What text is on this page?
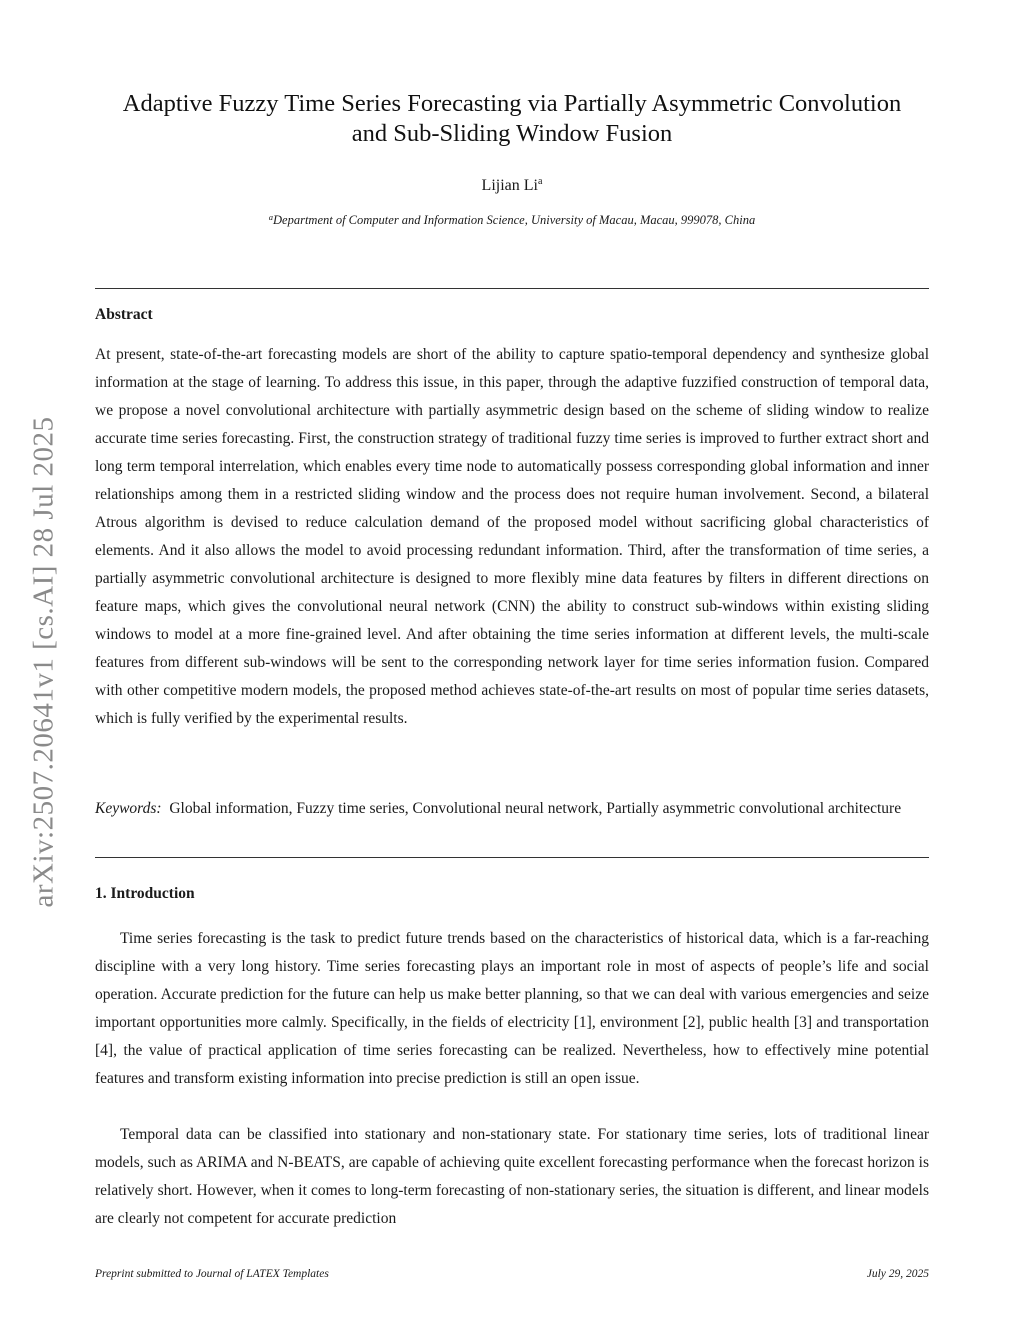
arXiv:2507.20641v1 [cs.AI] 28 Jul 2025
Adaptive Fuzzy Time Series Forecasting via Partially Asymmetric Convolution
and Sub-Sliding Window Fusion
Lijian Li$^a$
$^a$Department of Computer and Information Science, University of Macau, Macau, 999078, China
Abstract
At present, state-of-the-art forecasting models are short of the ability to capture spatio-temporal dependency and synthesize global information at the stage of learning. To address this issue, in this paper, through the adaptive fuzzified construction of temporal data, we propose a novel convolutional architecture with partially asymmetric design based on the scheme of sliding window to realize accurate time series forecasting. First, the construction strategy of traditional fuzzy time series is improved to further extract short and long term temporal interrelation, which enables every time node to automatically possess corresponding global information and inner relationships among them in a restricted sliding window and the process does not require human involvement. Second, a bilateral Atrous algorithm is devised to reduce calculation demand of the proposed model without sacrificing global characteristics of elements. And it also allows the model to avoid processing redundant information. Third, after the transformation of time series, a partially asymmetric convolutional architecture is designed to more flexibly mine data features by filters in different directions on feature maps, which gives the convolutional neural network (CNN) the ability to construct sub-windows within existing sliding windows to model at a more fine-grained level. And after obtaining the time series information at different levels, the multi-scale features from different sub-windows will be sent to the corresponding network layer for time series information fusion. Compared with other competitive modern models, the proposed method achieves state-of-the-art results on most of popular time series datasets, which is fully verified by the experimental results.
Keywords: Global information, Fuzzy time series, Convolutional neural network, Partially asymmetric convolutional architecture
1. Introduction

Time series forecasting is the task to predict future trends based on the characteristics of historical data, which is a far-reaching discipline with a very long history. Time series forecasting plays an important role in most of aspects of people’s life and social operation. Accurate prediction for the future can help us make better planning, so that we can deal with various emergencies and seize important opportunities more calmly. Specifically, in the fields of electricity [1], environment [2], public health [3] and transportation [4], the value of practical application of time series forecasting can be realized. Nevertheless, how to effectively mine potential features and transform existing information into precise prediction is still an open issue.

Temporal data can be classified into stationary and non-stationary state. For stationary time series, lots of traditional linear models, such as ARIMA and N-BEATS, are capable of achieving quite excellent forecasting performance when the forecast horizon is relatively short. However, when it comes to long-term forecasting of non-stationary series, the situation is different, and linear models are clearly not competent for accurate prediction

Preprint submitted to Journal of LATEX Templates	July 29, 2025
